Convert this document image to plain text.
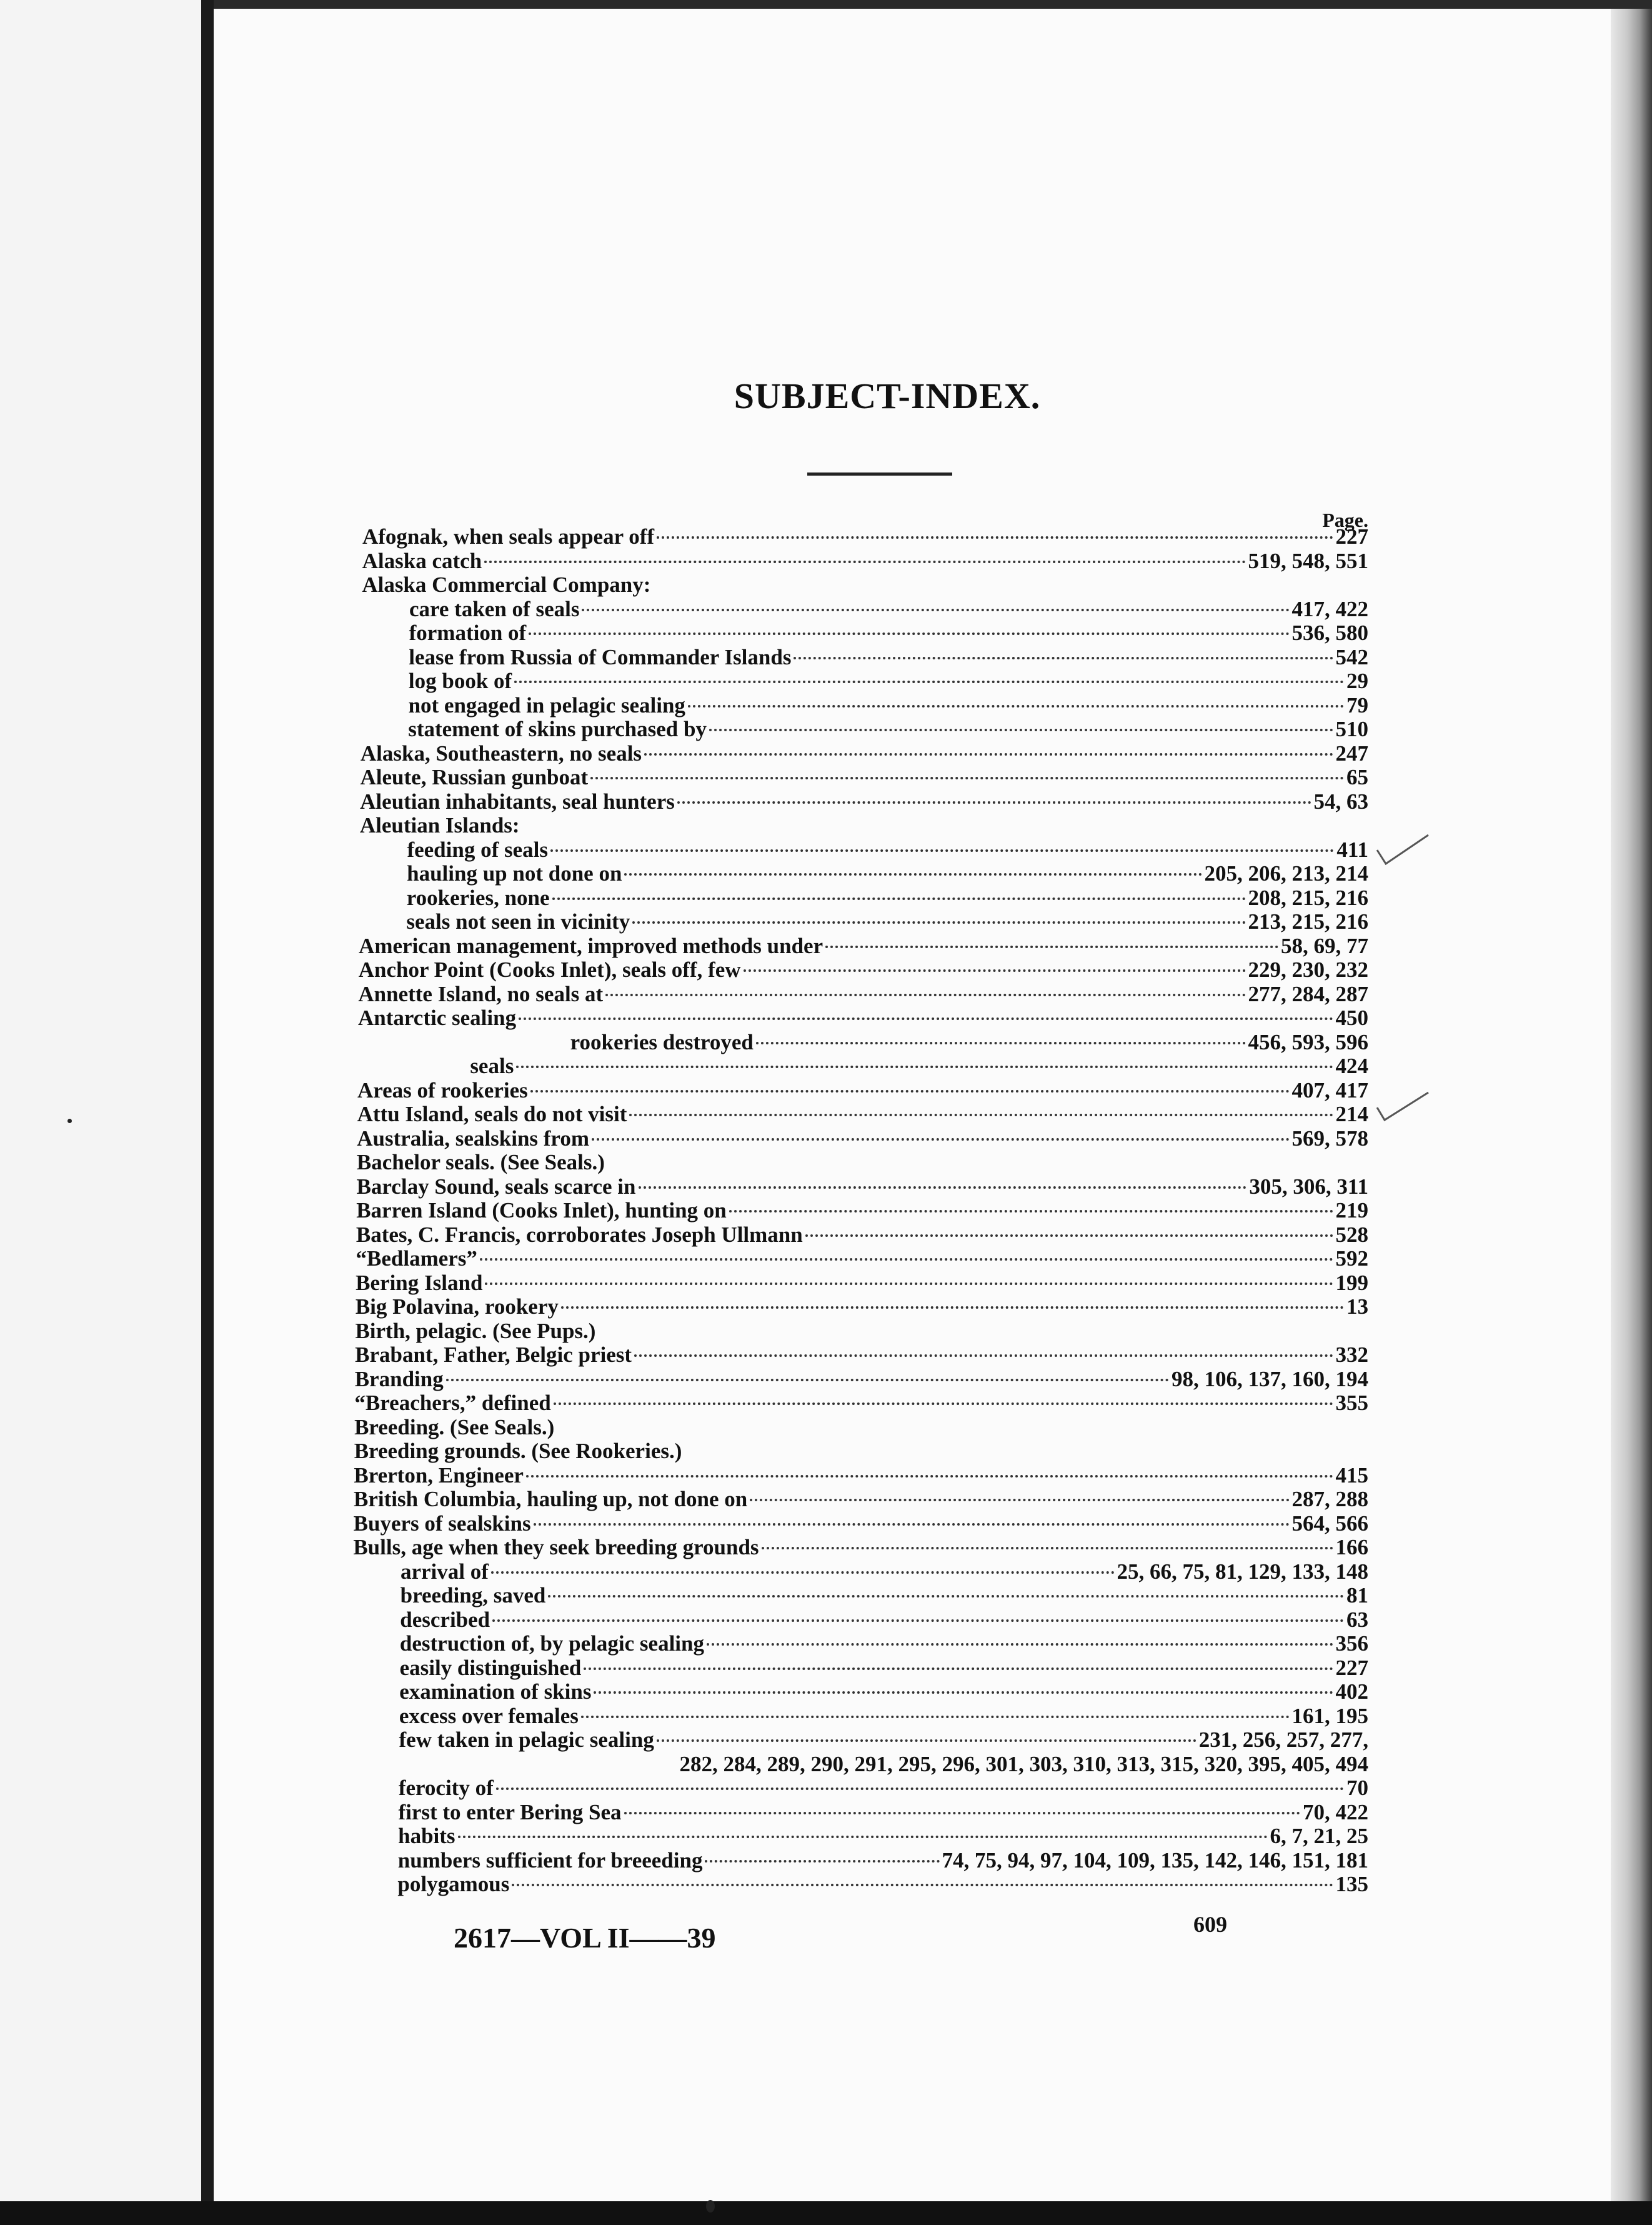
SUBJECT-INDEX.
Page.
Afognak, when seals appear off	227
Alaska catch	519, 548, 551
Alaska Commercial Company:
care taken of seals	417, 422
formation of	536, 580
lease from Russia of Commander Islands	542
log book of	29
not engaged in pelagic sealing	79
statement of skins purchased by	510
Alaska, Southeastern, no seals	247
Aleute, Russian gunboat	65
Aleutian inhabitants, seal hunters	54, 63
Aleutian Islands:
feeding of seals	411
hauling up not done on	205, 206, 213, 214
rookeries, none	208, 215, 216
seals not seen in vicinity	213, 215, 216
American management, improved methods under	58, 69, 77
Anchor Point (Cooks Inlet), seals off, few	229, 230, 232
Annette Island, no seals at	277, 284, 287
Antarctic sealing	450
rookeries destroyed	456, 593, 596
seals	424
Areas of rookeries	407, 417
Attu Island, seals do not visit	214
Australia, sealskins from	569, 578
Bachelor seals. (See Seals.)
Barclay Sound, seals scarce in	305, 306, 311
Barren Island (Cooks Inlet), hunting on	219
Bates, C. Francis, corroborates Joseph Ullmann	528
“Bedlamers”	592
Bering Island	199
Big Polavina, rookery	13
Birth, pelagic. (See Pups.)
Brabant, Father, Belgic priest	332
Branding	98, 106, 137, 160, 194
“Breachers,” defined	355
Breeding. (See Seals.)
Breeding grounds. (See Rookeries.)
Brerton, Engineer	415
British Columbia, hauling up, not done on	287, 288
Buyers of sealskins	564, 566
Bulls, age when they seek breeding grounds	166
arrival of	25, 66, 75, 81, 129, 133, 148
breeding, saved	81
described	63
destruction of, by pelagic sealing	356
easily distinguished	227
examination of skins	402
excess over females	161, 195
few taken in pelagic sealing	231, 256, 257, 277,
282, 284, 289, 290, 291, 295, 296, 301, 303, 310, 313, 315, 320, 395, 405, 494
ferocity of	70
first to enter Bering Sea	70, 422
habits	6, 7, 21, 25
numbers sufficient for breeeding	74, 75, 94, 97, 104, 109, 135, 142, 146, 151, 181
polygamous	135
2617—VOL II——39	609
